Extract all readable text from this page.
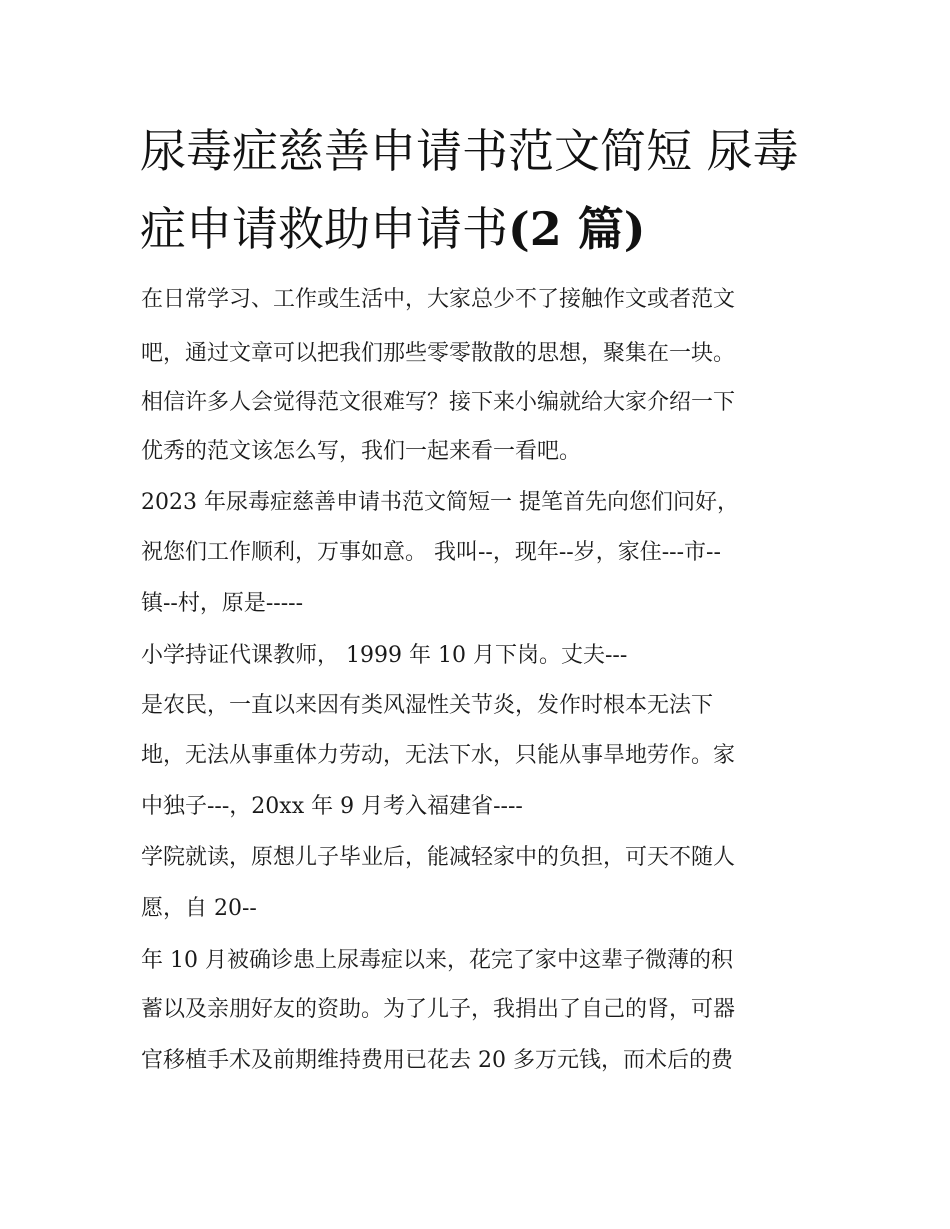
尿毒症慈善申请书范文简短 尿毒症申请救助申请书(2 篇)

在日常学习、工作或生活中，大家总少不了接触作文或者范文

吧，通过文章可以把我们那些零零散散的思想，聚集在一块。

相信许多人会觉得范文很难写？接下来小编就给大家介绍一下

优秀的范文该怎么写，我们一起来看一看吧。

2023 年尿毒症慈善申请书范文简短一 提笔首先向您们问好，

祝您们工作顺利，万事如意。 我叫--，现年--岁，家住---市--

镇--村，原是-----

小学持证代课教师， 1999 年 10 月下岗。丈夫---

是农民，一直以来因有类风湿性关节炎，发作时根本无法下

地，无法从事重体力劳动，无法下水，只能从事旱地劳作。家

中独子---，20xx 年 9 月考入福建省----

学院就读，原想儿子毕业后，能减轻家中的负担，可天不随人

愿，自 20--

年 10 月被确诊患上尿毒症以来，花完了家中这辈子微薄的积

蓄以及亲朋好友的资助。为了儿子，我捐出了自己的肾，可器

官移植手术及前期维持费用已花去 20 多万元钱，而术后的费
